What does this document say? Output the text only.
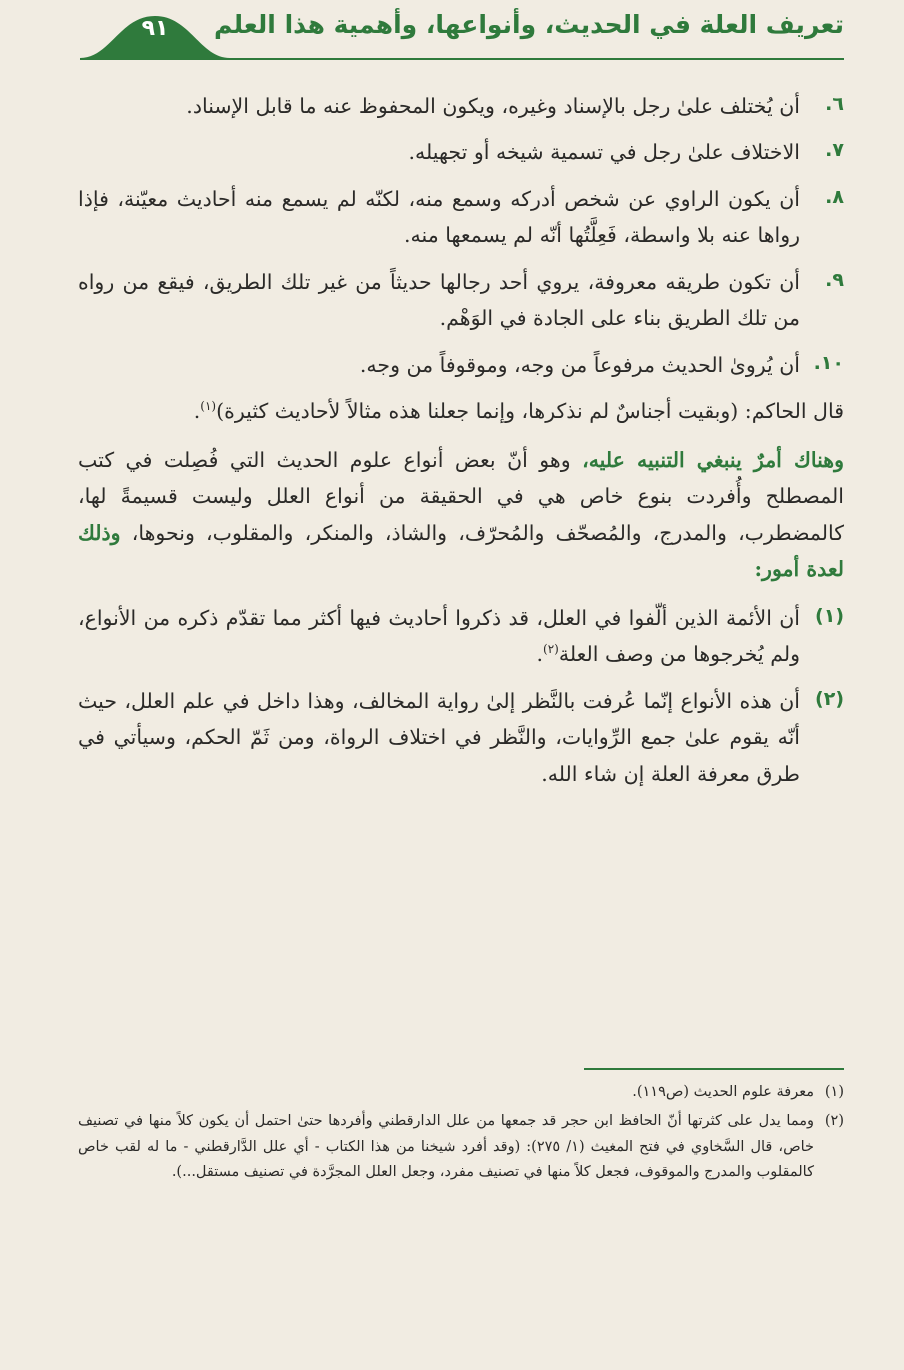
تعريف العلة في الحديث، وأنواعها، وأهمية هذا العلم
٩١
٦.
أن يُختلف علىٰ رجل بالإسناد وغيره، ويكون المحفوظ عنه ما قابل الإسناد.
٧.
الاختلاف علىٰ رجل في تسمية شيخه أو تجهيله.
٨.
أن يكون الراوي عن شخص أدركه وسمع منه، لكنّه لم يسمع منه أحاديث معيّنة، فإذا رواها عنه بلا واسطة، فَعِلَّتُها أنّه لم يسمعها منه.
٩.
أن تكون طريقه معروفة، يروي أحد رجالها حديثاً من غير تلك الطريق، فيقع من رواه من تلك الطريق بناء على الجادة في الوَهْم.
١٠.
أن يُروىٰ الحديث مرفوعاً من وجه، وموقوفاً من وجه.
قال الحاكم: (وبقيت أجناسٌ لم نذكرها، وإنما جعلنا هذه مثالاً لأحاديث كثيرة)$^{(١)}$.
وهناك أمرٌ ينبغي التنبيه عليه، وهو أنّ بعض أنواع علوم الحديث التي فُصِلت في كتب المصطلح وأُفردت بنوع خاص هي في الحقيقة من أنواع العلل وليست قسيمةً لها، كالمضطرب، والمدرج، والمُصحّف والمُحرّف، والشاذ، والمنكر، والمقلوب، ونحوها، وذلك لعدة أمور:
(١)
أن الأئمة الذين ألّفوا في العلل، قد ذكروا أحاديث فيها أكثر مما تقدّم ذكره من الأنواع، ولم يُخرجوها من وصف العلة$^{(٢)}$.
(٢)
أن هذه الأنواع إنّما عُرفت بالنَّظر إلىٰ رواية المخالف، وهذا داخل في علم العلل، حيث أنّه يقوم علىٰ جمع الرِّوايات، والنَّظر في اختلاف الرواة، ومن ثَمّ الحكم، وسيأتي في طرق معرفة العلة إن شاء الله.
(١)
معرفة علوم الحديث (ص١١٩).
(٢)
ومما يدل على كثرتها أنّ الحافظ ابن حجر قد جمعها من علل الدارقطني وأفردها حتىٰ احتمل أن يكون كلاً منها في تصنيف خاص، قال السَّخاوي في فتح المغيث (١/ ٢٧٥): (وقد أفرد شيخنا من هذا الكتاب - أي علل الدَّارقطني - ما له لقب خاص كالمقلوب والمدرج والموقوف، فجعل كلاً منها في تصنيف مفرد، وجعل العلل المجرَّدة في تصنيف مستقل...).
